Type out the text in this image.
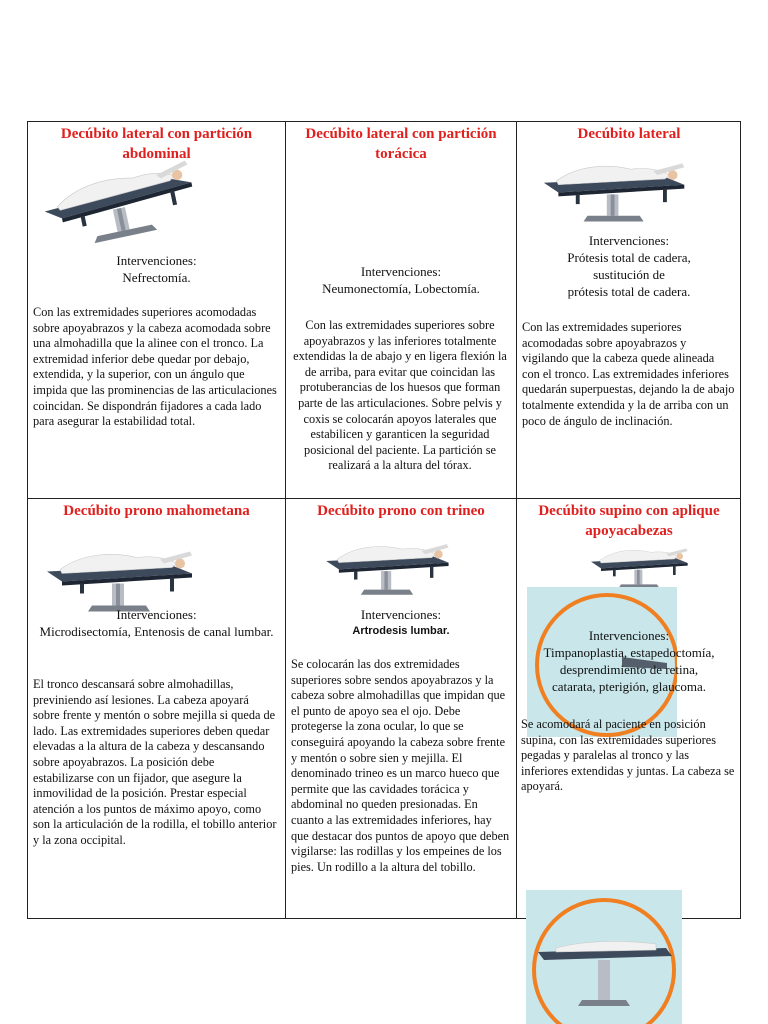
Decúbito lateral con partición abdominal
Intervenciones:
Nefrectomía.
Con las extremidades superiores acomodadas sobre apoyabrazos y la cabeza acomodada sobre una almohadilla que la alinee con el tronco. La extremidad inferior debe quedar por debajo, extendida, y la superior, con un ángulo que impida que las prominencias de las articulaciones coincidan. Se dispondrán fijadores a cada lado para asegurar la estabilidad total.
Decúbito lateral con partición torácica
Intervenciones:
Neumonectomía, Lobectomía.
Con las extremidades superiores sobre apoyabrazos y las inferiores totalmente extendidas la de abajo y en ligera flexión la de arriba, para evitar que coincidan las protuberancias de los huesos que forman parte de las articulaciones. Sobre pelvis y coxis se colocarán apoyos laterales que estabilicen y garanticen la seguridad posicional del paciente. La partición se realizará a la altura del tórax.
Decúbito lateral
Intervenciones:
Prótesis total de cadera,
sustitución de
prótesis total de cadera.
Con las extremidades superiores acomodadas sobre apoyabrazos y vigilando que la cabeza quede alineada con el tronco. Las extremidades inferiores quedarán superpuestas, dejando la de abajo totalmente extendida y la de arriba con un poco de ángulo de inclinación.
Decúbito prono mahometana
Intervenciones:
Microdisectomía, Entenosis de canal lumbar.
El tronco descansará sobre almohadillas, previniendo así lesiones. La cabeza apoyará sobre frente y mentón o sobre mejilla si queda de lado. Las extremidades superiores deben quedar elevadas a la altura de la cabeza y descansando sobre apoyabrazos. La posición debe estabilizarse con un fijador, que asegure la inmovilidad de la posición. Prestar especial atención a los puntos de máximo apoyo, como son la articulación de la rodilla, el tobillo anterior y la zona occipital.
Decúbito prono con trineo
Intervenciones:
Artrodesis lumbar.
Se colocarán las dos extremidades superiores sobre sendos apoyabrazos y la cabeza sobre almohadillas que impidan que el punto de apoyo sea el ojo. Debe protegerse la zona ocular, lo que se conseguirá apoyando la cabeza sobre frente y mentón o sobre sien y mejilla. El denominado trineo es un marco hueco que permite que las cavidades torácica y abdominal no queden presionadas. En cuanto a las extremidades inferiores, hay que destacar dos puntos de apoyo que deben vigilarse: las rodillas y los empeines de los pies. Un rodillo a la altura del tobillo.
Decúbito supino con aplique apoyacabezas
Intervenciones:
Timpanoplastia, estapedoctomía,
desprendimiento de retina,
catarata, pterigión, glaucoma.
Se acomodará al paciente en posición supina, con las extremidades superiores pegadas y paralelas al tronco y las inferiores extendidas y juntas. La cabeza se apoyará.
